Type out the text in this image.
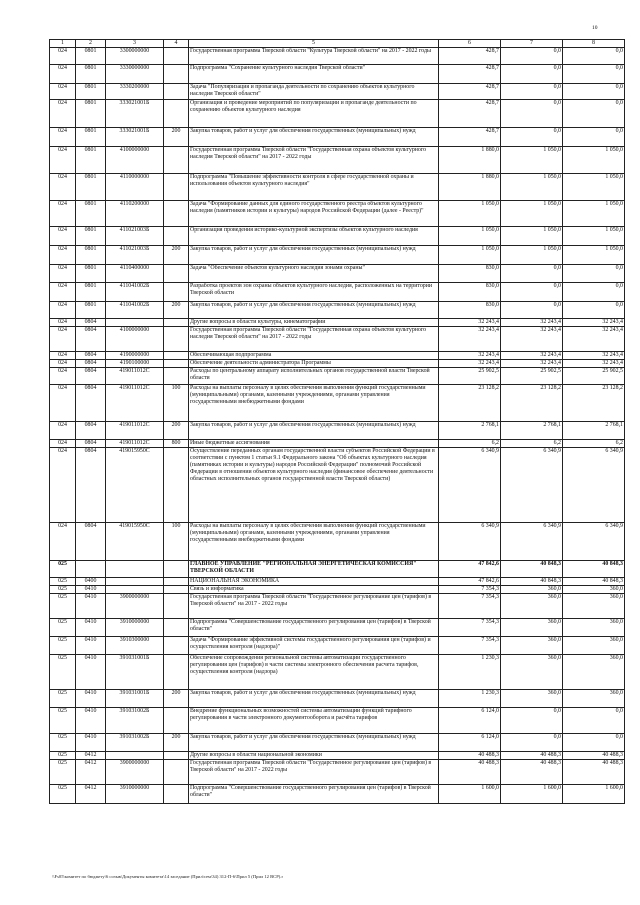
10
1	2	3	4	5	6	7	8
024	0801	3300000000		Государственная программа Тверской области "Культура Тверской области" на 2017 - 2022 годы	428,7	0,0	0,0
024	0801	3330000000		Подпрограмма "Сохранение культурного наследия Тверской области"	428,7	0,0	0,0
024	0801	3330200000		Задача "Популяризация и пропаганда деятельности по сохранению объектов культурного наследия Тверской области"	428,7	0,0	0,0
024	0801	333021001Б		Организация и проведение мероприятий по популяризации и пропаганде деятельности по сохранению объектов культурного наследия	428,7	0,0	0,0
024	0801	333021001Б	200	Закупка товаров, работ и услуг для обеспечения государственных (муниципальных) нужд	428,7	0,0	0,0
024	0801	4100000000		Государственная программа Тверской области "Государственная охрана объектов культурного наследия Тверской области" на 2017 - 2022 годы	1 880,0	1 050,0	1 050,0
024	0801	4110000000		Подпрограмма "Повышение эффективности контроля в сфере государственной охраны и использования объектов культурного наследия"	1 880,0	1 050,0	1 050,0
024	0801	4110200000		Задача "Формирование данных для единого государственного реестра объектов культурного наследия (памятников истории и культуры) народов Российской Федерации (далее - Реестр)"	1 050,0	1 050,0	1 050,0
024	0801	411021003Б		Организация проведения историко-культурной экспертизы объектов культурного наследия	1 050,0	1 050,0	1 050,0
024	0801	411021003Б	200	Закупка товаров, работ и услуг для обеспечения государственных (муниципальных) нужд	1 050,0	1 050,0	1 050,0
024	0801	4110400000		Задача "Обеспечение объектов культурного наследия зонами охраны"	830,0	0,0	0,0
024	0801	411041002Б		Разработка проектов зон охраны объектов культурного наследия, расположенных на территории Тверской области	830,0	0,0	0,0
024	0801	411041002Б	200	Закупка товаров, работ и услуг для обеспечения государственных (муниципальных) нужд	830,0	0,0	0,0
024	0804			Другие вопросы в области культуры, кинематографии	32 243,4	32 243,4	32 243,4
024	0804	4100000000		Государственная программа Тверской области "Государственная охрана объектов культурного наследия Тверской области" на 2017 - 2022 годы	32 243,4	32 243,4	32 243,4
024	0804	4190000000		Обеспечивающая подпрограмма	32 243,4	32 243,4	32 243,4
024	0804	4190100000		Обеспечение деятельности администратора Программы	32 243,4	32 243,4	32 243,4
024	0804	419011012С		Расходы по центральному аппарату исполнительных органов государственной власти Тверской области	25 902,5	25 902,5	25 902,5
024	0804	419011012С	100	Расходы на выплаты персоналу в целях обеспечения выполнения функций государственными (муниципальными) органами, казенными учреждениями, органами управления государственными внебюджетными фондами	23 128,2	23 128,2	23 128,2
024	0804	419011012С	200	Закупка товаров, работ и услуг для обеспечения государственных (муниципальных) нужд	2 768,1	2 768,1	2 768,1
024	0804	419011012С	800	Иные бюджетные ассигнования	6,2	6,2	6,2
024	0804	419015950С		Осуществление переданных органам государственной власти субъектов Российской Федерации в соответствии с пунктом 1 статьи 9.1 Федерального закона "Об объектах культурного наследия (памятниках истории и культуры) народов Российской Федерации" полномочий Российской Федерации в отношении объектов культурного наследия (финансовое обеспечение деятельности областных исполнительных органов государственной власти Тверской области)	6 340,9	6 340,9	6 340,9
024	0804	419015950С	100	Расходы на выплаты персоналу в целях обеспечения выполнения функций государственными (муниципальными) органами, казенными учреждениями, органами управления государственными внебюджетными фондами	6 340,9	6 340,9	6 340,9
025				ГЛАВНОЕ УПРАВЛЕНИЕ "РЕГИОНАЛЬНАЯ ЭНЕРГЕТИЧЕСКАЯ КОМИССИЯ" ТВЕРСКОЙ ОБЛАСТИ	47 842,6	40 848,3	40 848,3
025	0400			НАЦИОНАЛЬНАЯ ЭКОНОМИКА	47 842,6	40 848,3	40 848,3
025	0410			Связь и информатика	7 354,3	360,0	360,0
025	0410	3900000000		Государственная программа Тверской области "Государственное регулирование цен (тарифов) в Тверской области" на 2017 - 2022 годы	7 354,3	360,0	360,0
025	0410	3910000000		Подпрограмма "Совершенствование государственного регулирования цен (тарифов) в Тверской области"	7 354,3	360,0	360,0
025	0410	3910300000		Задача "Формирование эффективной системы государственного регулирования цен (тарифов) и осуществления контроля (надзора)"	7 354,3	360,0	360,0
025	0410	391031001Б		Обеспечение сопровождения региональной системы автоматизации государственного регулирования цен (тарифов) в части системы электронного обеспечения расчета тарифов, осуществления контроля (надзора)	1 230,3	360,0	360,0
025	0410	391031001Б	200	Закупка товаров, работ и услуг для обеспечения государственных (муниципальных) нужд	1 230,3	360,0	360,0
025	0410	391031002Б		Внедрение функциональных возможностей системы автоматизации функций тарифного регулирования в части электронного документооборота и расчёта тарифов	6 124,0	0,0	0,0
025	0410	391031002Б	200	Закупка товаров, работ и услуг для обеспечения государственных (муниципальных) нужд	6 124,0	0,0	0,0
025	0412			Другие вопросы в области национальной экономики	40 488,3	40 488,3	40 488,3
025	0412	3900000000		Государственная программа Тверской области "Государственное регулирование цен (тарифов) в Тверской области" на 2017 - 2022 годы	40 488,3	40 488,3	40 488,3
025	0412	3910000000		Подпрограмма "Совершенствование государственного регулирования цен (тарифов) в Тверской области"	1 600,0	1 600,0	1 600,0
\\Fs05\комитет по бюджету\6 созыв\Документы комитета\14 заседание (Прил\сем\34) 312-П-6\Прил 5 (Прил 12 ВСР).r
